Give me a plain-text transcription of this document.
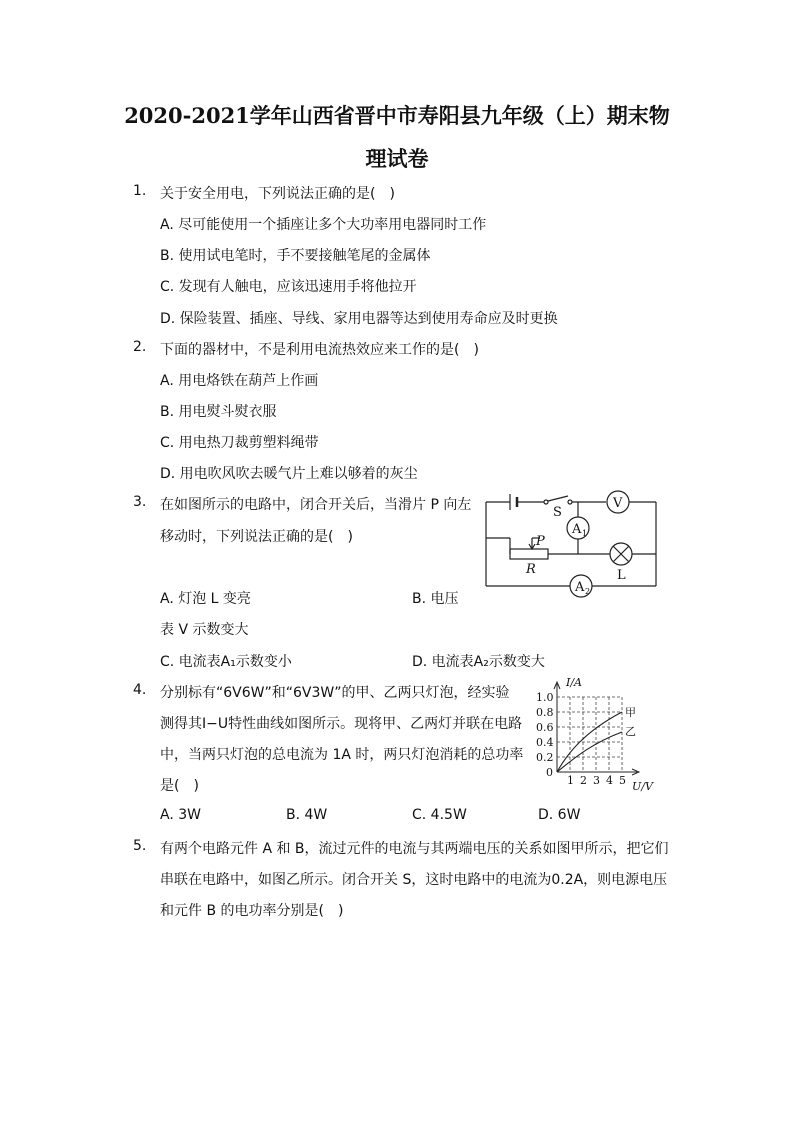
2020-2021学年山西省晋中市寿阳县九年级（上）期末物
理试卷
1. 关于安全用电，下列说法正确的是(　)
A. 尽可能使用一个插座让多个大功率用电器同时工作
B. 使用试电笔时，手不要接触笔尾的金属体
C. 发现有人触电，应该迅速用手将他拉开
D. 保险装置、插座、导线、家用电器等达到使用寿命应及时更换
2. 下面的器材中，不是利用电流热效应来工作的是(　)
A. 用电烙铁在葫芦上作画
B. 用电熨斗熨衣服
C. 用电热刀裁剪塑料绳带
D. 用电吹风吹去暖气片上难以够着的灰尘
3. 在如图所示的电路中，闭合开关后，当滑片 P 向左
移动时，下列说法正确的是(　)
S
V
A 1
P
R	L
A 2
A. 灯泡 L 变亮	B. 电压
表 V 示数变大
C. 电流表A₁示数变小	D. 电流表A₂示数变大
4. 分别标有“6V6W”和“6V3W”的甲、乙两只灯泡，经实验
测得其I−U特性曲线如图所示。现将甲、乙两灯并联在电路
中，当两只灯泡的总电流为 1A 时，两只灯泡消耗的总功率
是(　)
I/A
U/V
1.0
0.8
0.6
0.4
0.2
0
1 2 3 4 5
甲
乙
A. 3W	B. 4W	C. 4.5W	D. 6W
5. 有两个电路元件 A 和 B，流过元件的电流与其两端电压的关系如图甲所示，把它们
串联在电路中，如图乙所示。闭合开关 S，这时电路中的电流为0.2A，则电源电压
和元件 B 的电功率分别是(　)
